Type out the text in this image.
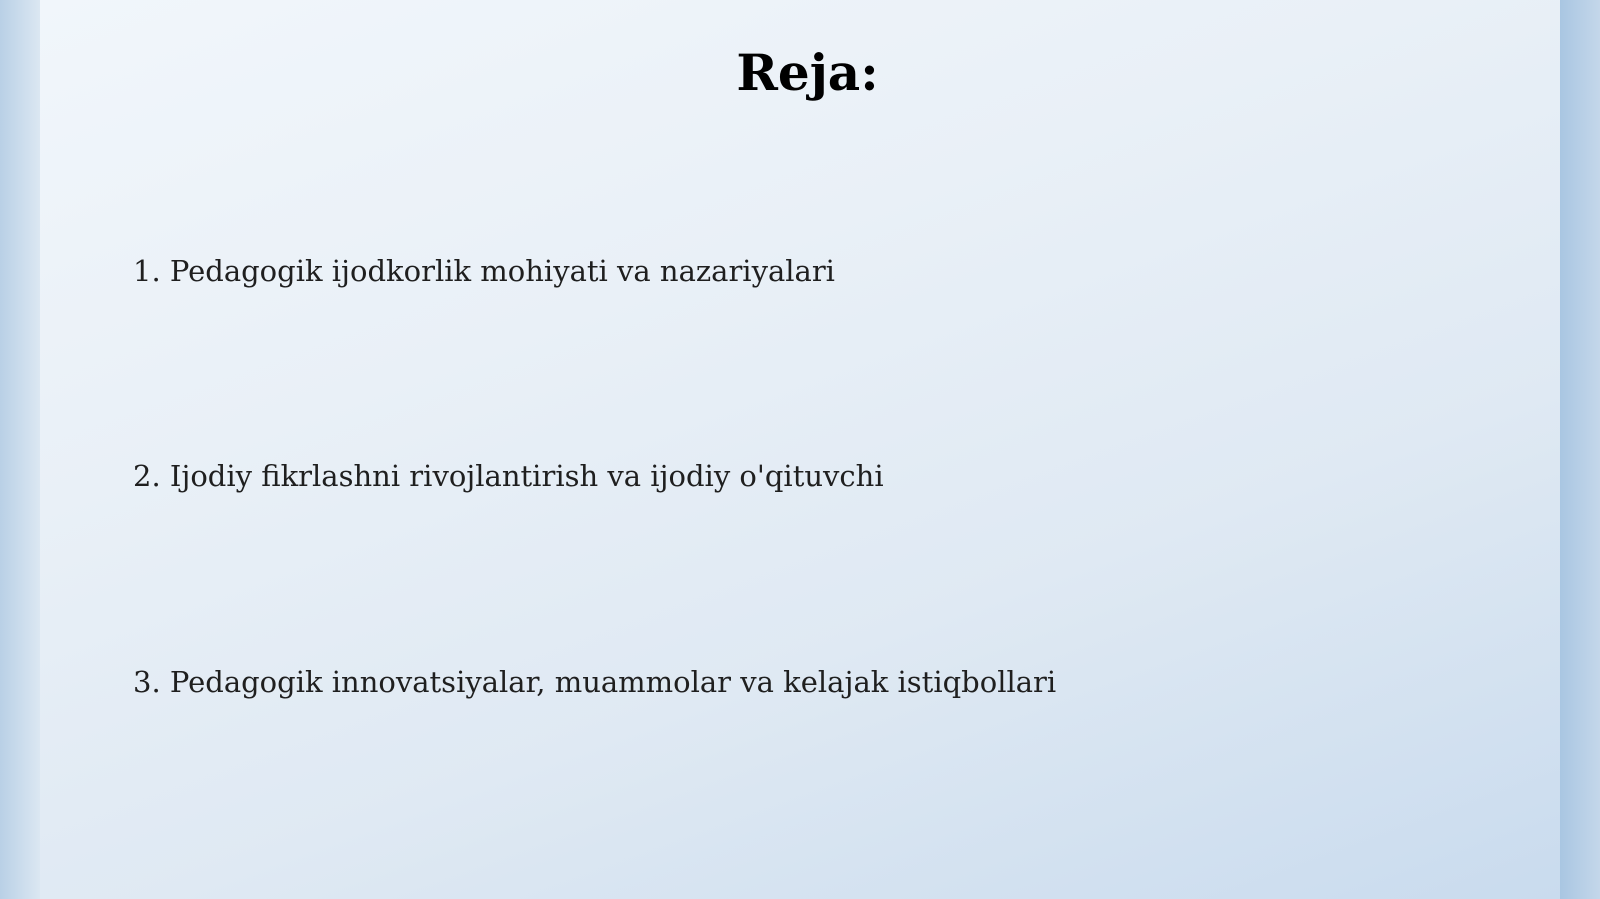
Reja:
1. Pedagogik ijodkorlik mohiyati va nazariyalari
2. Ijodiy fikrlashni rivojlantirish va ijodiy o'qituvchi
3. Pedagogik innovatsiyalar, muammolar va kelajak istiqbollari
